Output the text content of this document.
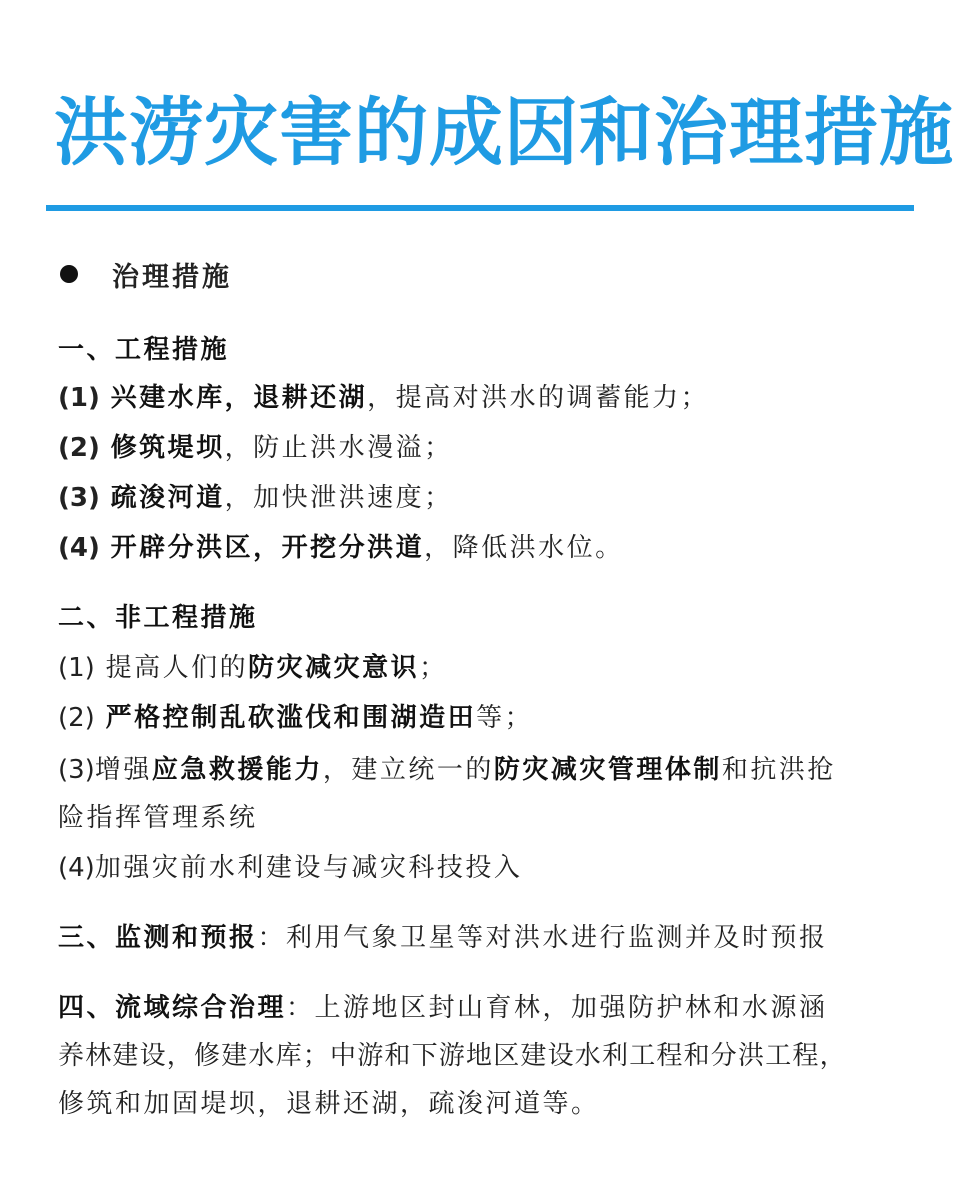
洪涝灾害的成因和治理措施
治理措施
一、工程措施
(1) 兴建水库，退耕还湖，提高对洪水的调蓄能力；
(2) 修筑堤坝，防止洪水漫溢；
(3) 疏浚河道，加快泄洪速度；
(4) 开辟分洪区，开挖分洪道，降低洪水位。
二、非工程措施
(1) 提高人们的防灾减灾意识；
(2) 严格控制乱砍滥伐和围湖造田等；
(3)增强应急救援能力，建立统一的防灾减灾管理体制和抗洪抢
险指挥管理系统
(4)加强灾前水利建设与减灾科技投入
三、监测和预报：利用气象卫星等对洪水进行监测并及时预报
四、流域综合治理：上游地区封山育林，加强防护林和水源涵
养林建设，修建水库；中游和下游地区建设水利工程和分洪工程，
修筑和加固堤坝，退耕还湖，疏浚河道等。
